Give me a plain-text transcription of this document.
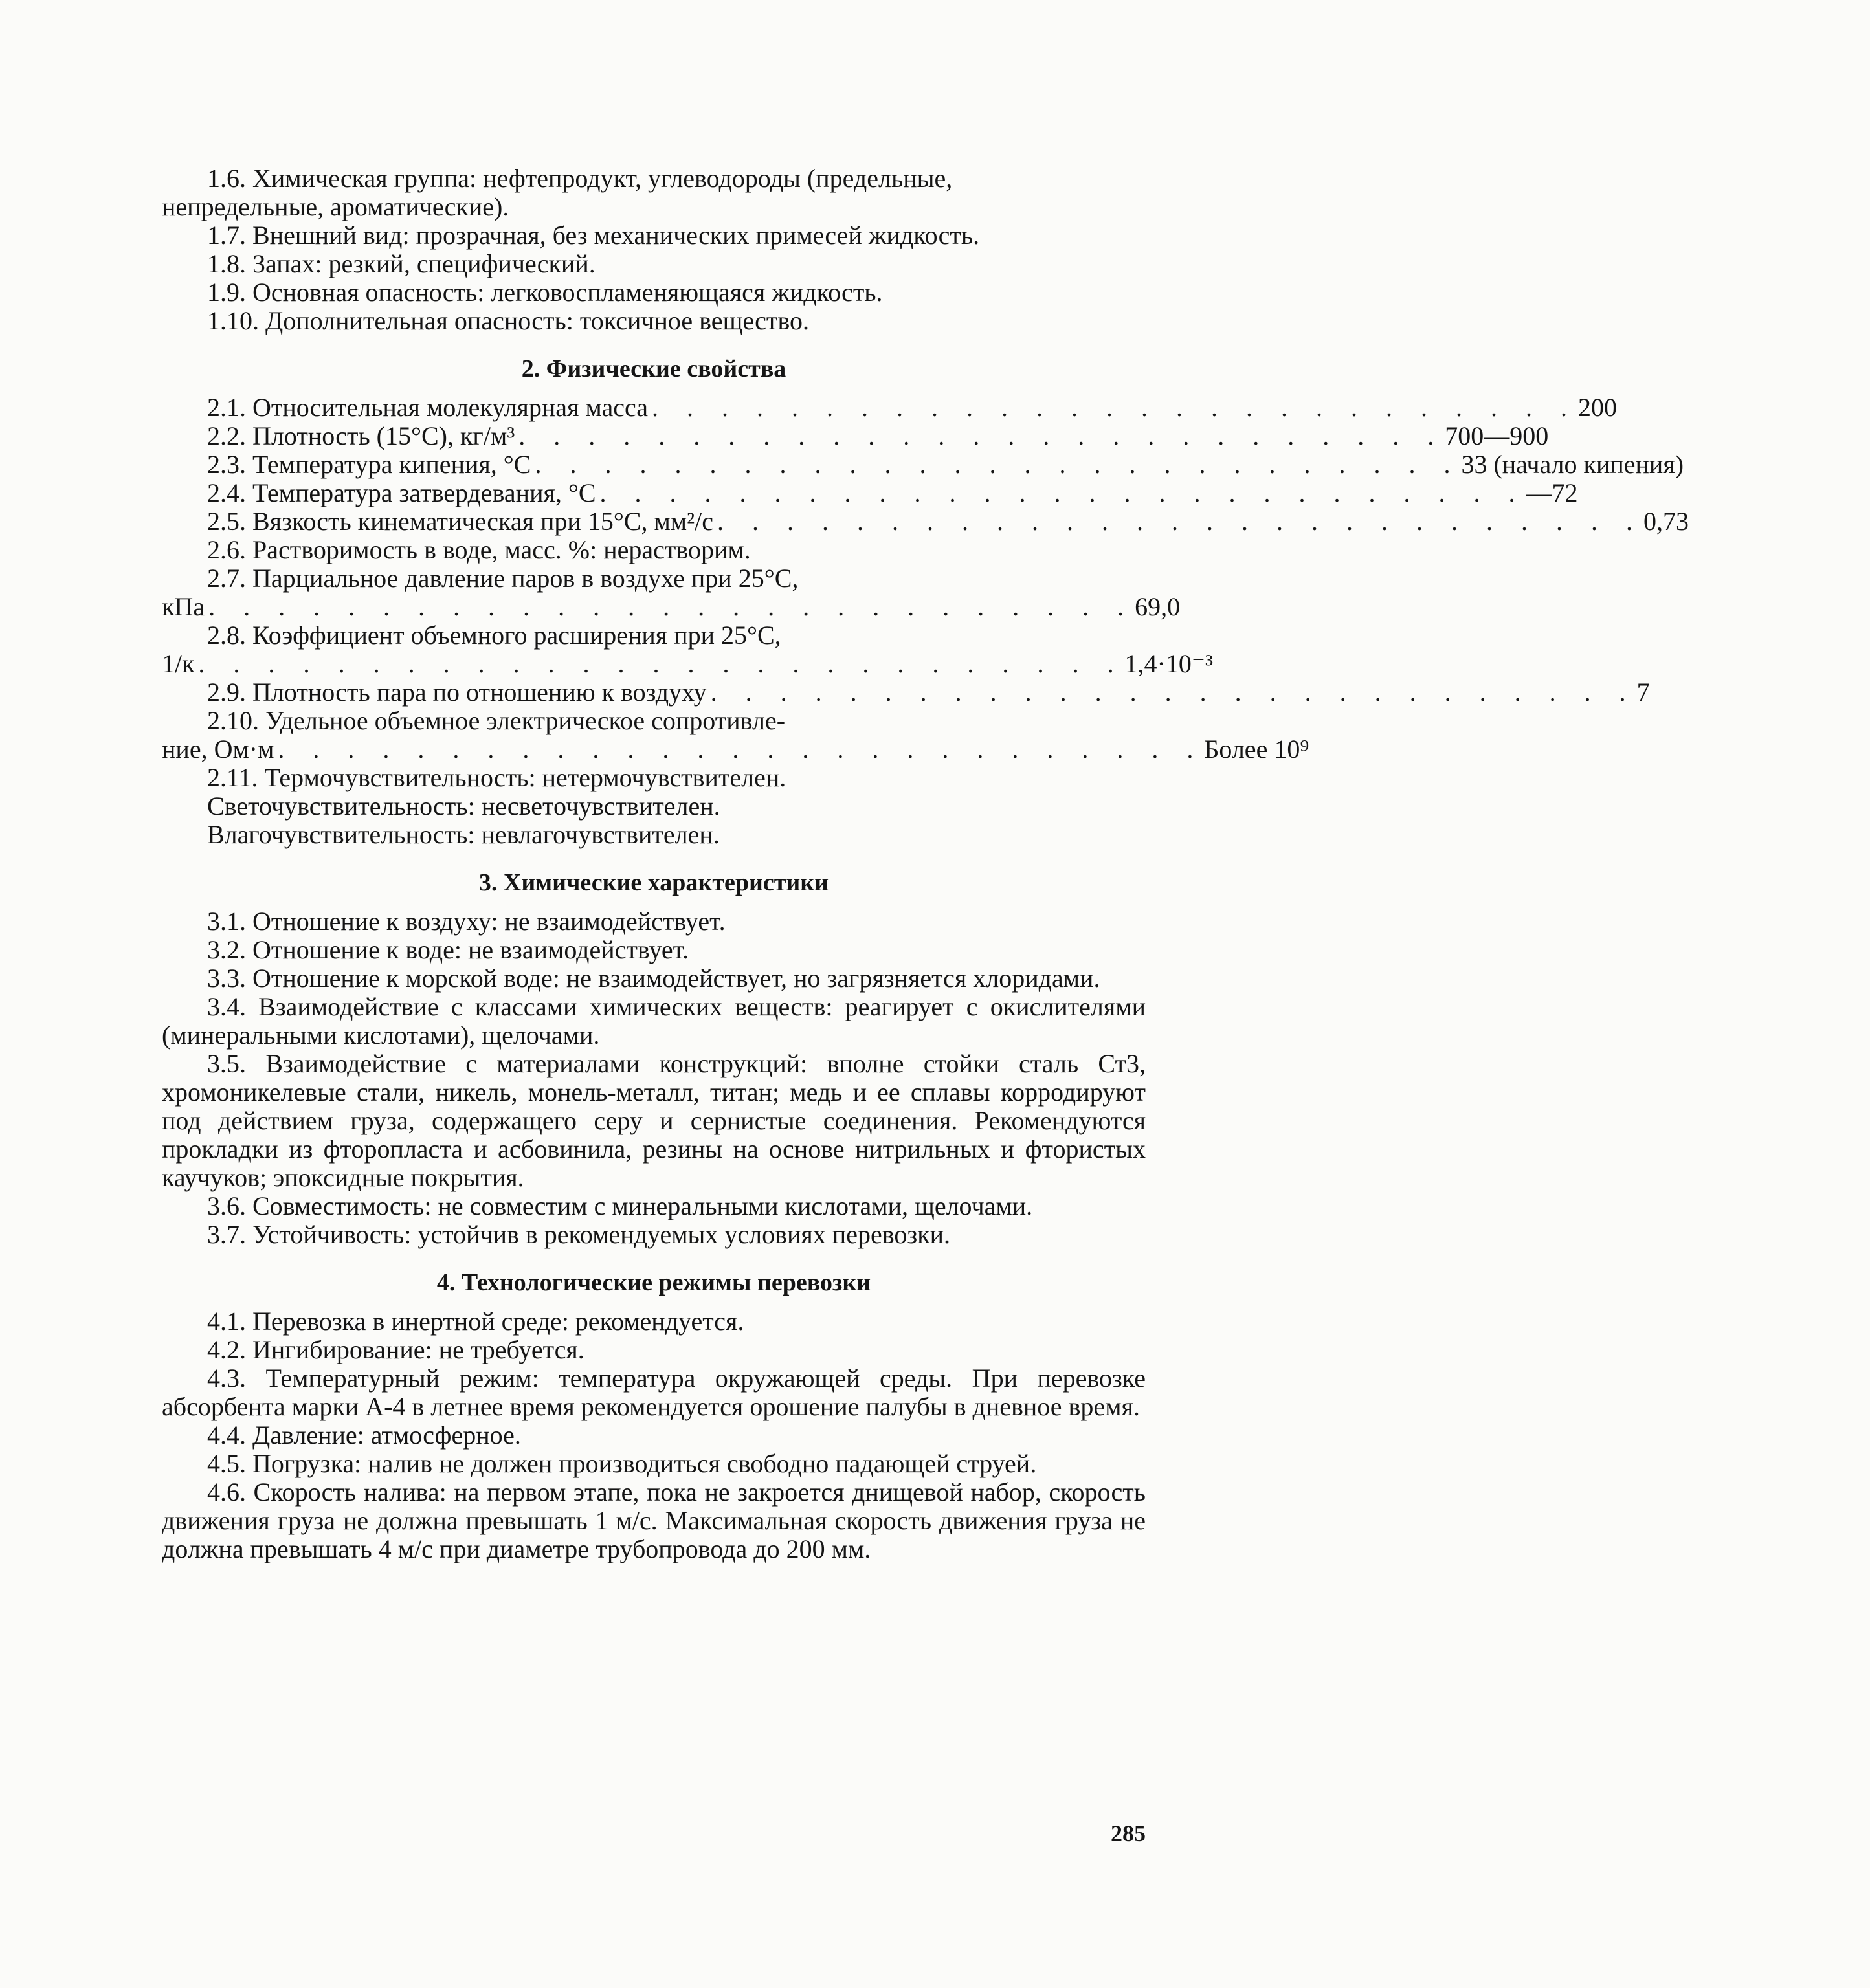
1.6. Химическая группа: нефтепродукт, углеводороды (предельные,
непредельные, ароматические).
1.7. Внешний вид: прозрачная, без механических примесей жидкость.
1.8. Запах: резкий, специфический.
1.9. Основная опасность: легковоспламеняющаяся жидкость.
1.10. Дополнительная опасность: токсичное вещество.
2. Физические свойства
2.1. Относительная молекулярная масса . . . . . . . . . . . . . . . . . . . . . . . . . . . 200
2.2. Плотность (15°С), кг/м³ . . . . . . . . . . . . . . . . . . . . . . . . . . . 700—900
2.3. Температура кипения, °С . . . . . . . . . . . . . . . . . . . . . . . . . . . 33 (начало кипения)
2.4. Температура затвердевания, °С . . . . . . . . . . . . . . . . . . . . . . . . . . . —72
2.5. Вязкость кинематическая при 15°С, мм²/с . . . . . . . . . . . . . . . . . . . . . . . . . . . 0,73
2.6. Растворимость в воде, масс. %: нерастворим.
2.7. Парциальное давление паров в воздухе при 25°С,
кПа . . . . . . . . . . . . . . . . . . . . . . . . . . . 69,0
2.8. Коэффициент объемного расширения при 25°С,
1/к . . . . . . . . . . . . . . . . . . . . . . . . . . . 1,4·10⁻³
2.9. Плотность пара по отношению к воздуху . . . . . . . . . . . . . . . . . . . . . . . . . . . 7
2.10. Удельное объемное электрическое сопротивле-
ние, Ом·м . . . . . . . . . . . . . . . . . . . . . . . . . . . Более 10⁹
2.11. Термочувствительность: нетермочувствителен.
Светочувствительность: несветочувствителен.
Влагочувствительность: невлагочувствителен.
3. Химические характеристики
3.1. Отношение к воздуху: не взаимодействует.
3.2. Отношение к воде: не взаимодействует.
3.3. Отношение к морской воде: не взаимодействует, но загрязняется хлоридами.
3.4. Взаимодействие с классами химических веществ: реагирует с окислителями (минеральными кислотами), щелочами.
3.5. Взаимодействие с материалами конструкций: вполне стойки сталь Ст3, хромоникелевые стали, никель, монель-металл, титан; медь и ее сплавы корродируют под действием груза, содержащего серу и сернистые соединения. Рекомендуются прокладки из фторопласта и асбовинила, резины на основе нитрильных и фтористых каучуков; эпоксидные покрытия.
3.6. Совместимость: не совместим с минеральными кислотами, щелочами.
3.7. Устойчивость: устойчив в рекомендуемых условиях перевозки.
4. Технологические режимы перевозки
4.1. Перевозка в инертной среде: рекомендуется.
4.2. Ингибирование: не требуется.
4.3. Температурный режим: температура окружающей среды. При перевозке абсорбента марки А-4 в летнее время рекомендуется орошение палубы в дневное время.
4.4. Давление: атмосферное.
4.5. Погрузка: налив не должен производиться свободно падающей струей.
4.6. Скорость налива: на первом этапе, пока не закроется днищевой набор, скорость движения груза не должна превышать 1 м/с. Максимальная скорость движения груза не должна превышать 4 м/с при диаметре трубопровода до 200 мм.
285
